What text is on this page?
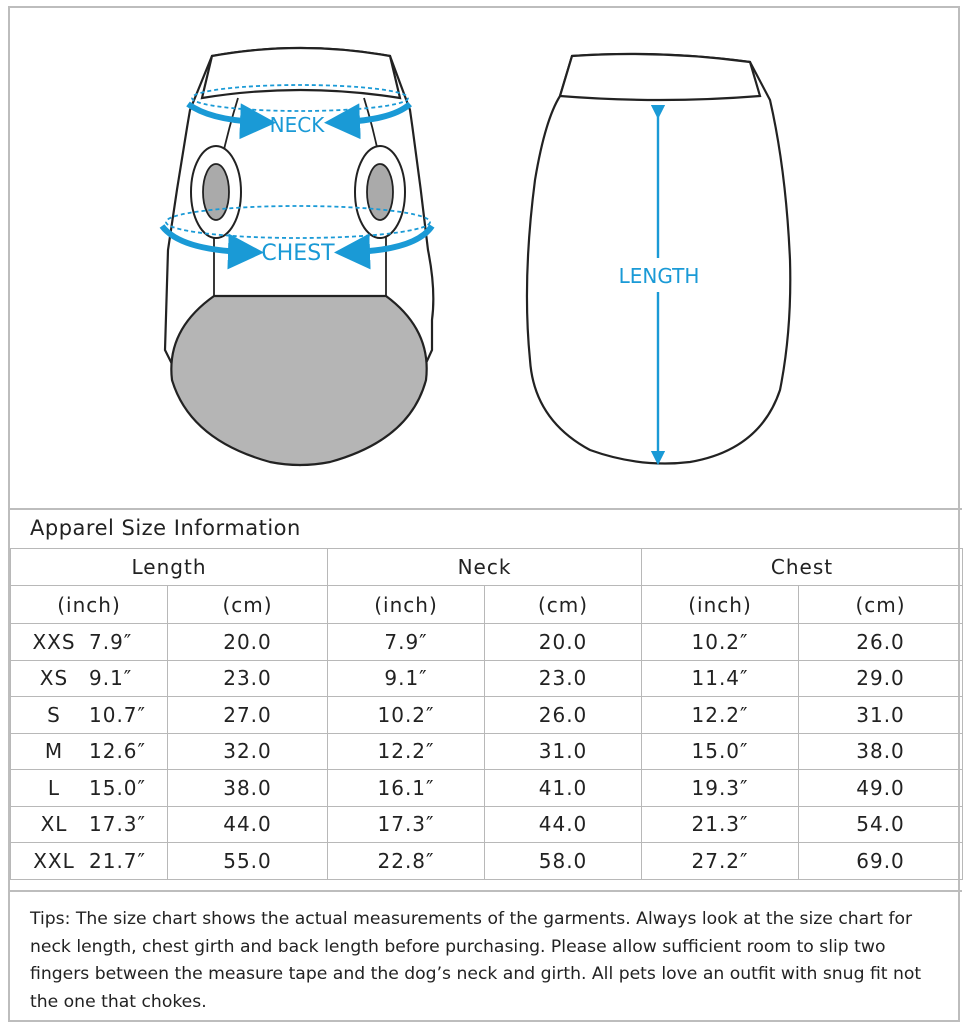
NECK
CHEST
LENGTH
Apparel Size Information
Length		Neck		Chest	
(inch)	(cm)	(inch)	(cm)	(inch)	(cm)
XXS 7.9″	20.0	7.9″	20.0	10.2″	26.0
XS 9.1″	23.0	9.1″	23.0	11.4″	29.0
S 10.7″	27.0	10.2″	26.0	12.2″	31.0
M 12.6″	32.0	12.2″	31.0	15.0″	38.0
L 15.0″	38.0	16.1″	41.0	19.3″	49.0
XL 17.3″	44.0	17.3″	44.0	21.3″	54.0
XXL 21.7″	55.0	22.8″	58.0	27.2″	69.0
Tips: The size chart shows the actual measurements of the garments. Always look at the size chart for neck length, chest girth and back length before purchasing. Please allow sufficient room to slip two fingers between the measure tape and the dog’s neck and girth. All pets love an outfit with snug fit not the one that chokes.
